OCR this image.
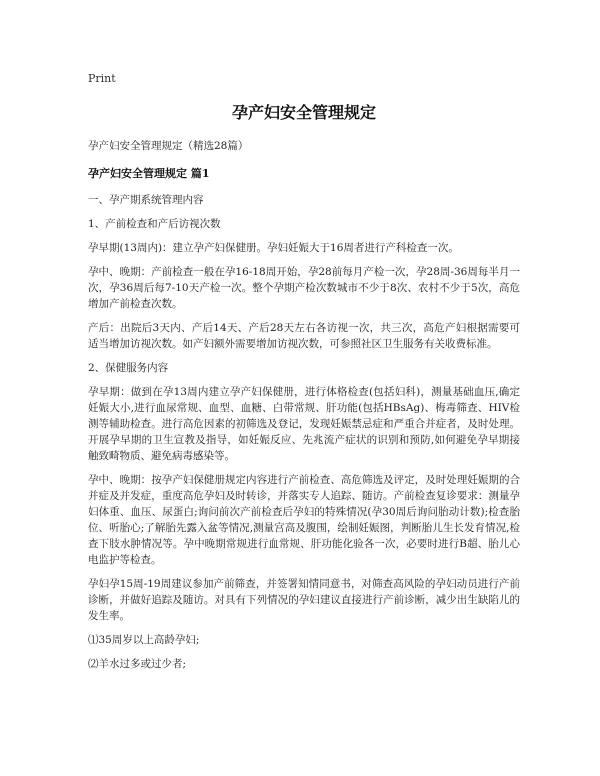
Print
孕产妇安全管理规定

孕产妇安全管理规定（精选28篇）

孕产妇安全管理规定 篇1

一、孕产期系统管理内容

1、产前检查和产后访视次数

孕早期(13周内)：建立孕产妇保健册。孕妇妊娠大于16周者进行产科检查一次。

孕中、晚期：产前检查一般在孕16-18周开始，孕28前每月产检一次，孕28周-36周每半月一次，孕36周后每7-10天产检一次。整个孕期产检次数城市不少于8次、农村不少于5次，高危增加产前检查次数。

产后：出院后3天内、产后14天、产后28天左右各访视一次，共三次，高危产妇根据需要可适当增加访视次数。如产妇额外需要增加访视次数，可参照社区卫生服务有关收费标准。

2、保健服务内容

孕早期：做到在孕13周内建立孕产妇保健册，进行体格检查(包括妇科)，测量基础血压,确定妊娠大小,进行血尿常规、血型、血糖、白带常规、肝功能(包括HBsAg)、梅毒筛查、HIV检测等辅助检查。进行高危因素的初筛选及登记，发现妊娠禁忌症和严重合并症者，及时处理。开展孕早期的卫生宣教及指导，如妊娠反应、先兆流产症状的识别和预防,如何避免孕早期接触致畸物质、避免病毒感染等。

孕中、晚期：按孕产妇保健册规定内容进行产前检查、高危筛选及评定，及时处理妊娠期的合并症及并发症，重度高危孕妇及时转诊，并落实专人追踪、随访。产前检查复诊要求：测量孕妇体重、血压、尿蛋白;询问前次产前检查后孕妇的特殊情况(孕30周后询问胎动计数);检查胎位、听胎心;了解胎先露入盆等情况,测量宫高及腹围，绘制妊娠图，判断胎儿生长发育情况,检查下肢水肿情况等。孕中晚期常规进行血常规、肝功能化验各一次，必要时进行B超、胎儿心电监护等检查。

孕妇孕15周-19周建议参加产前筛查，并签署知情同意书，对筛查高风险的孕妇动员进行产前诊断，并做好追踪及随访。对具有下列情况的孕妇建议直接进行产前诊断，减少出生缺陷儿的发生率。

⑴35周岁以上高龄孕妇;

⑵羊水过多或过少者;
